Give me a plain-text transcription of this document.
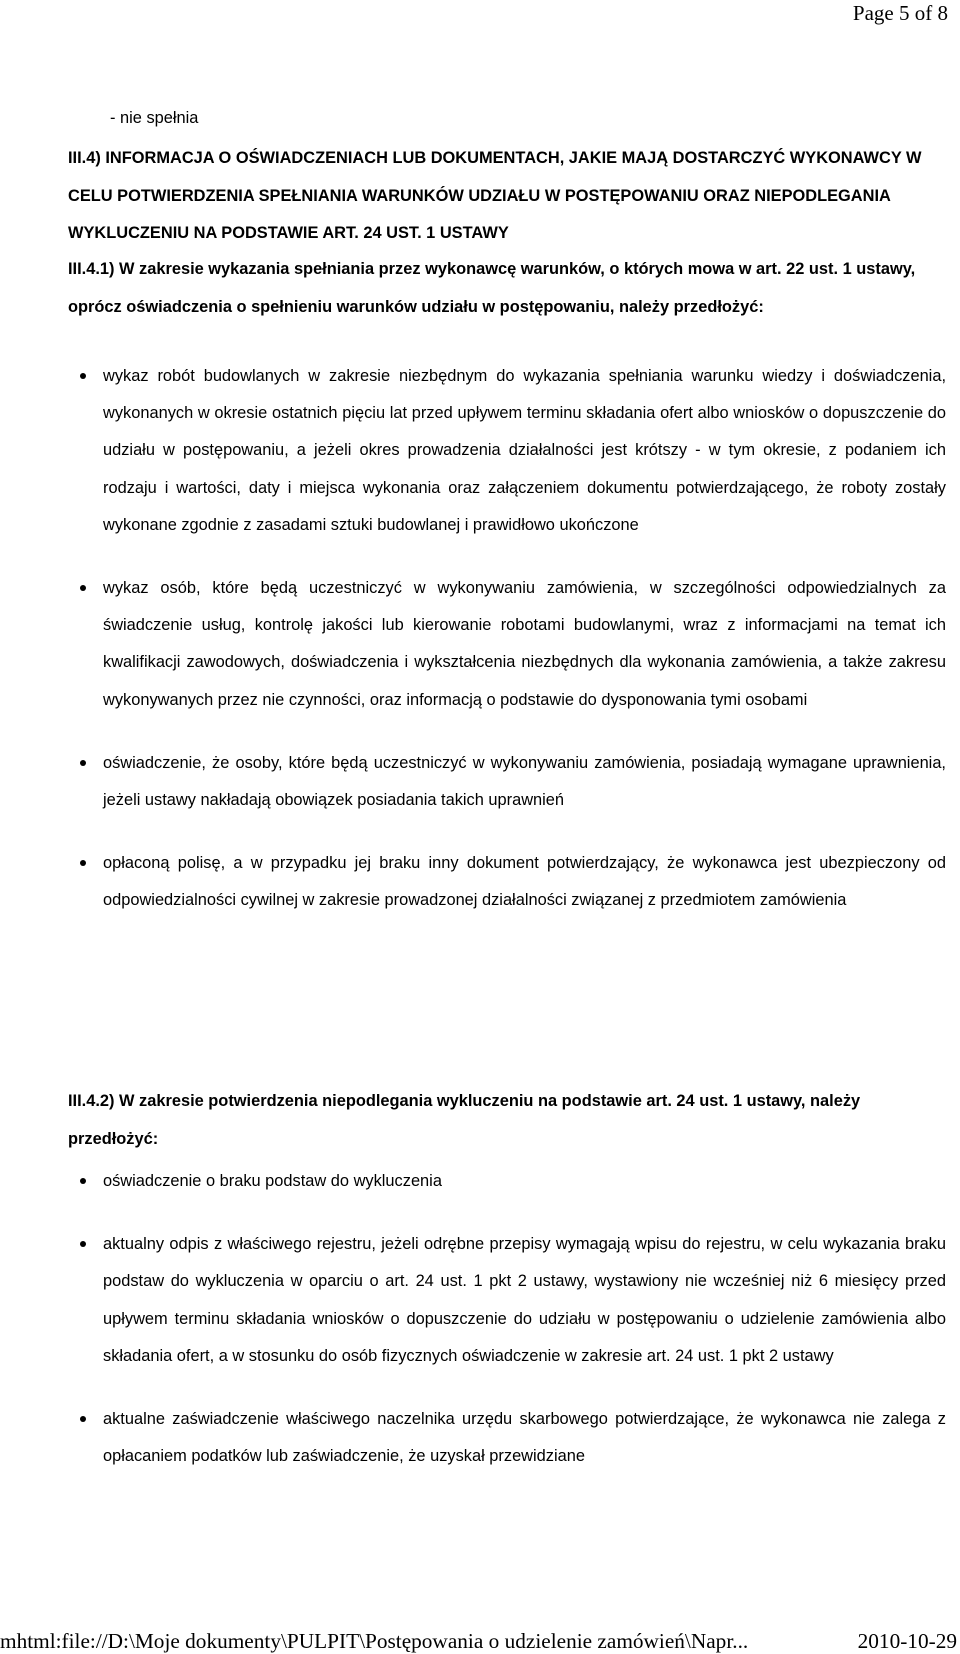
Page 5 of 8
- nie spełnia
III.4) INFORMACJA O OŚWIADCZENIACH LUB DOKUMENTACH, JAKIE MAJĄ DOSTARCZYĆ WYKONAWCY W CELU POTWIERDZENIA SPEŁNIANIA WARUNKÓW UDZIAŁU W POSTĘPOWANIU ORAZ NIEPODLEGANIA WYKLUCZENIU NA PODSTAWIE ART. 24 UST. 1 USTAWY
III.4.1) W zakresie wykazania spełniania przez wykonawcę warunków, o których mowa w art. 22 ust. 1 ustawy, oprócz oświadczenia o spełnieniu warunków udziału w postępowaniu, należy przedłożyć:
wykaz robót budowlanych w zakresie niezbędnym do wykazania spełniania warunku wiedzy i doświadczenia, wykonanych w okresie ostatnich pięciu lat przed upływem terminu składania ofert albo wniosków o dopuszczenie do udziału w postępowaniu, a jeżeli okres prowadzenia działalności jest krótszy - w tym okresie, z podaniem ich rodzaju i wartości, daty i miejsca wykonania oraz załączeniem dokumentu potwierdzającego, że roboty zostały wykonane zgodnie z zasadami sztuki budowlanej i prawidłowo ukończone
wykaz osób, które będą uczestniczyć w wykonywaniu zamówienia, w szczególności odpowiedzialnych za świadczenie usług, kontrolę jakości lub kierowanie robotami budowlanymi, wraz z informacjami na temat ich kwalifikacji zawodowych, doświadczenia i wykształcenia niezbędnych dla wykonania zamówienia, a także zakresu wykonywanych przez nie czynności, oraz informacją o podstawie do dysponowania tymi osobami
oświadczenie, że osoby, które będą uczestniczyć w wykonywaniu zamówienia, posiadają wymagane uprawnienia, jeżeli ustawy nakładają obowiązek posiadania takich uprawnień
opłaconą polisę, a w przypadku jej braku inny dokument potwierdzający, że wykonawca jest ubezpieczony od odpowiedzialności cywilnej w zakresie prowadzonej działalności związanej z przedmiotem zamówienia
III.4.2) W zakresie potwierdzenia niepodlegania wykluczeniu na podstawie art. 24 ust. 1 ustawy, należy przedłożyć:
oświadczenie o braku podstaw do wykluczenia
aktualny odpis z właściwego rejestru, jeżeli odrębne przepisy wymagają wpisu do rejestru, w celu wykazania braku podstaw do wykluczenia w oparciu o art. 24 ust. 1 pkt 2 ustawy, wystawiony nie wcześniej niż 6 miesięcy przed upływem terminu składania wniosków o dopuszczenie do udziału w postępowaniu o udzielenie zamówienia albo składania ofert, a w stosunku do osób fizycznych oświadczenie w zakresie art. 24 ust. 1 pkt 2 ustawy
aktualne zaświadczenie właściwego naczelnika urzędu skarbowego potwierdzające, że wykonawca nie zalega z opłacaniem podatków lub zaświadczenie, że uzyskał przewidziane
mhtml:file://D:\Moje dokumenty\PULPIT\Postępowania o udzielenie zamówień\Napr...	2010-10-29
